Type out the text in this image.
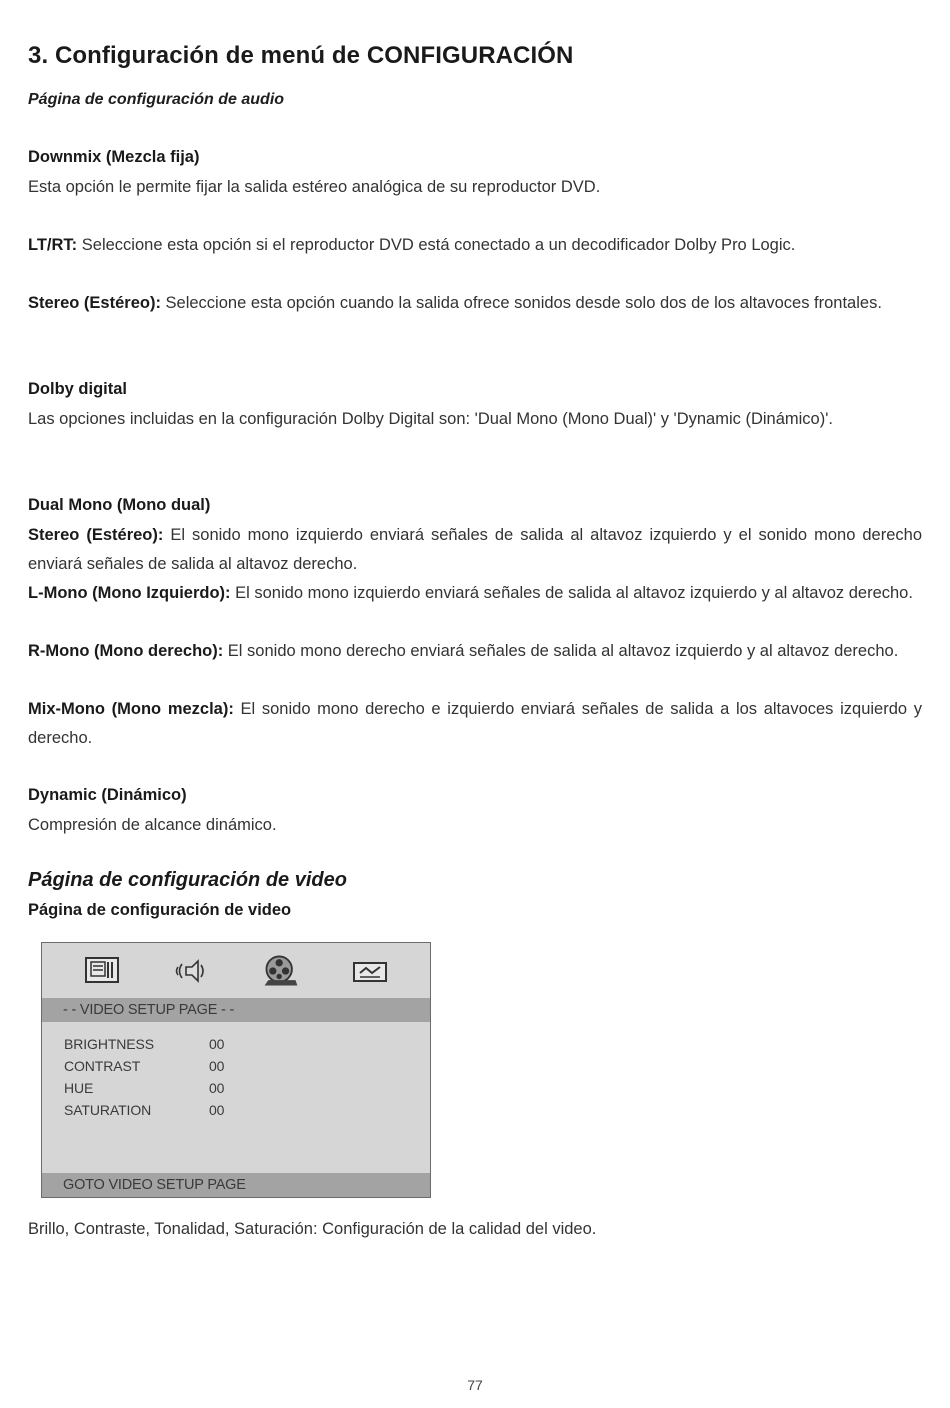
3. Configuración de menú de CONFIGURACIÓN
Página de configuración de audio
Downmix (Mezcla fija)
Esta opción le permite fijar la salida estéreo analógica de su reproductor DVD.
LT/RT: Seleccione esta opción si el reproductor DVD está conectado a un decodificador Dolby Pro Logic.
Stereo (Estéreo): Seleccione esta opción cuando la salida ofrece sonidos desde solo dos de los altavoces frontales.
Dolby digital
Las opciones incluidas en la configuración Dolby Digital son: 'Dual Mono (Mono Dual)' y 'Dynamic (Dinámico)'.
Dual Mono (Mono dual)
Stereo (Estéreo): El sonido mono izquierdo enviará señales de salida al altavoz izquierdo y el sonido mono derecho enviará señales de salida al altavoz derecho.
L-Mono (Mono Izquierdo): El sonido mono izquierdo enviará señales de salida al altavoz izquierdo y al altavoz derecho.
R-Mono (Mono derecho): El sonido mono derecho enviará señales de salida al altavoz izquierdo y al altavoz derecho.
Mix-Mono (Mono mezcla): El sonido mono derecho e izquierdo enviará señales de salida a los altavoces izquierdo y derecho.
Dynamic (Dinámico)
Compresión de alcance dinámico.
Página de configuración de video
Página de configuración de video
- - VIDEO SETUP PAGE - -
BRIGHTNESS	00
CONTRAST	00
HUE	00
SATURATION	00
GOTO VIDEO SETUP PAGE
Brillo, Contraste, Tonalidad, Saturación: Configuración de la calidad del video.
77
